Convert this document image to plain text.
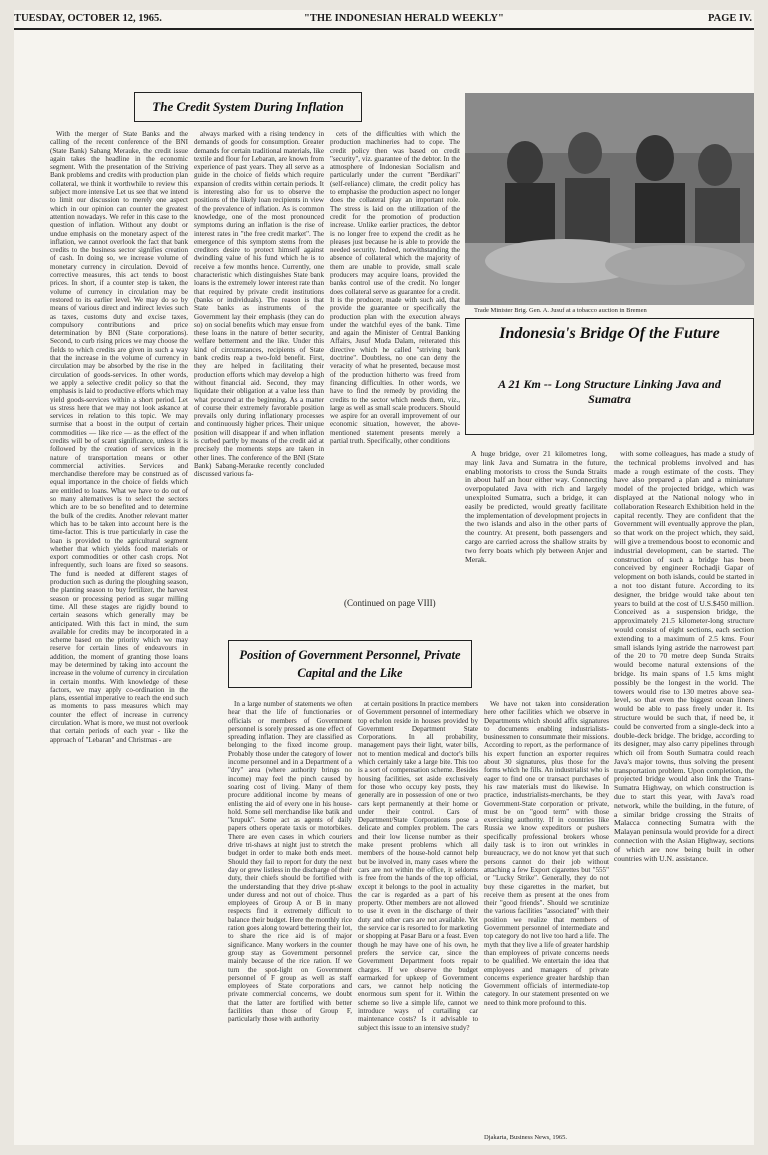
TUESDAY, OCTOBER 12, 1965.	"THE INDONESIAN HERALD WEEKLY"	PAGE IV.
The Credit System During Inflation
With the merger of State Banks and the calling of the recent conference of the BNI (State Bank) Sabang Merauke, the credit issue again takes the headline in the economic segment. With the presentation of the Striving Bank problems and credits with production plan collateral, we think it worthwhile to review this subject more intensive Let us see that we intend to limit our discussion to merely one aspect which in our opinion can counter the greatest attention nowadays. We refer in this case to the question of inflation. Without any doubt or undue emphasis on the monetary aspect of the inflation, we cannot overlook the fact that bank credits to the business sector signifies creation of cash. In doing so, we increase volume of monetary currency in circulation. Devoid of corrective measures, this act tends to boost prices. In short, if a counter step is taken, the volume of currency in circulation may be restored to its earlier level. We may do so by means of various direct and indirect levies such as taxes, customs duty and excise taxes, compulsory contributions and price determination by BNI (State corporations). Second, to curb rising prices we may choose the fields to which credits are given in such a way that the increase in the volume of currency in circulation may be absorbed by the rise in the circulation of goods-services. In other words, we apply a selective credit policy so that the emphasis is laid to productive efforts which may yield goods-services within a short period. Let us stress here that we may not look askance at services in relation to this topic. We may surmise that a boost in the output of certain commodities — like rice — as the effect of the credits will be of scant significance, unless it is followed by the creation of services in the nature of transportation means or other commercial activities. Services and merchandise therefore may be construed as of equal importance in the choice of fields which are entitled to loans. What we have to do out of so many alternatives is to select the sectors which are to be so benefited and to determine the bulk of the credits. Another relevant matter which has to be taken into account here is the time-factor. This is true particularly in case the loan is provided to the agricultural segment whether that which yields food materials or export commodities or other cash crops. Not infrequently, such loans are fixed so seasons. The fund is needed at different stages of production such as during the ploughing season, the planting season to buy fertilizer, the harvest season or processing period as sugar milling time. All these stages are rigidly bound to certain seasons which generally may be anticipated. With this fact in mind, the sum available for credits may be incorporated in a scheme based on the priority which we may reserve for certain lines of endeavours in addition, the moment of granting those loans may be determined by taking into account the increase in the volume of currency in circulation in certain months. With knowledge of these factors, we may apply co-ordination in the plans, essential imperative to reach the end such as moments to pass measures which may counter the effect of increase in currency circulation. What is more, we must not overlook that certain periods of each year - like the approach of "Lebaran" and Christmas - are
always marked with a rising tendency in demands of goods for consumption. Greater demands for certain traditional materials, like textile and flour for Lebaran, are known from experience of past years. They all serve as a guide in the choice of fields which require expansion of credits within certain periods. It is interesting also for us to observe the positions of the likely loan recipients in view of the prevalence of inflation. As is common knowledge, one of the most pronounced symptoms during an inflation is the rise of interest rates in "the free credit market". The emergence of this symptom stems from the creditors desire to protect himself against dwindling value of his fund which he is to receive a few months hence. Currently, one characteristic which distinguishes State bank loans is the extremely lower interest rate than that required by private credit institutions (banks or individuals). The reason is that State banks as instruments of the Government lay their emphasis (they can do so) on social benefits which may ensue from these loans in the nature of better security, welfare betterment and the like. Under this kind of circumstances, recipients of State bank credits reap a two-fold benefit. First, they are helped in facilitating their production efforts which may develop a high without financial aid. Second, they may liquidate their obligation at a value less than what procured at the beginning. As a matter of course their extremely favorable position prevails only during inflationary processes and continuously higher prices. Their unique position will disappear if and when inflation is curbed partly by means of the credit aid at precisely the moments steps are taken in other lines. The conference of the BNI (State Bank) Sabang-Merauke recently concluded discussed various fa-
cets of the difficulties with which the production machineries had to cope. The credit policy then was based on credit "security", viz. guarantee of the debtor. In the atmosphere of Indonesian Socialism and particularly under the current "Berdikari" (self-reliance) climate, the credit policy has to emphasise the production aspect no longer does the collateral play an important role. The stress is laid on the utilization of the credit for the promotion of production increase. Unlike earlier practices, the debtor is no longer free to expend the credit as he pleases just because he is able to provide the needed security. Indeed, notwithstanding the absence of collateral which the majority of them are unable to provide, small scale producers may acquire loans, provided the banks control use of the credit. No longer does collateral serve as guarantee for a credit. It is the producer, made with such aid, that provide the guarantee or specifically the production plan with the execution always under the watchful eyes of the bank. Time and again the Minister of Central Banking Affairs, Jusuf Muda Dalam, reiterated this directive which he called "striving bank doctrine". Doubtless, no one can deny the veracity of what he presented, because most of the production hitherto was freed from financing difficulties. In other words, we have to find the remedy by providing the credits to the sector which needs them, viz., large as well as small scale producers. Should we aspire for an overall improvement of our economic situation, however, the above-mentioned statement presents merely a partial truth. Specifically, other conditions
(Continued on page VIII)
Trade Minister Brig. Gen. A. Jusuf at a tobacco auction in Bremen
Indonesia's Bridge Of the Future
A 21 Km -- Long Structure Linking Java and Sumatra
A huge bridge, over 21 kilometres long, may link Java and Sumatra in the future, enabling motorists to cross the Sunda Straits in about half an hour either way. Connecting overpopulated Java with rich and largely unexploited Sumatra, such a bridge, it can easily be predicted, would greatly facilitate the implementation of development projects in the two islands and also in the other parts of the country. At present, both passengers and cargo are carried across the shallow straits by two ferry boats which ply between Anjer and Merak.
with some colleagues, has made a study of the technical problems involved and has made a rough estimate of the costs. They have also prepared a plan and a miniature model of the projected bridge, which was displayed at the National nology who in collaboration Research Exhibition held in the capital recently. They are confident that the Government will eventually approve the plan, so that work on the project which, they said, will give a tremendous boost to economic and industrial development, can be started. The construction of such a bridge has been conceived by engineer Rochadji Gapar of velopment on both islands, could be started in a not too distant future. According to its designer, the bridge would take about ten years to build at the cost of U.S.$450 million. Conceived as a suspension bridge, the approximately 21.5 kilometer-long structure would consist of eight sections, each section extending to a maximum of 2.5 kms. Four small islands lying astride the narrowest part of the 20 to 70 metre deep Sunda Straits would become natural extensions of the bridge. Its main spans of 1.5 kms might possibly be the longest in the world. The towers would rise to 130 metres above sea-level, so that even the biggest ocean liners would be able to pass freely under it. Its structure would be such that, if need be, it could be converted from a single-deck into a double-deck bridge. The bridge, according to its designer, may also carry pipelines through which oil from South Sumatra could reach Java's major towns, thus solving the present transportation problem. Upon completion, the projected bridge would also link the Trans-Sumatra Highway, on which construction is due to start this year, with Java's road network, while the building, in the future, of a similar bridge crossing the Straits of Malacca connecting Sumatra with the Malayan peninsula would provide for a direct connection with the Asian Highway, sections of which are now being built in other countries with U.N. assistance.
Position of Government Personnel, Private Capital and the Like
In a large number of statements we often hear that the life of functionaries or officials or members of Government personnel is sorely pressed as one effect of spreading inflation. They are classified as belonging to the fixed income group. Probably those under the category of lower income personnel and in a Department of a "dry" area (where authority brings no income) may feel the pinch caused by soaring cost of living. Many of them procure additional income by means of enlisting the aid of every one in his house-hold. Some sell merchandise like batik and "krupuk". Some act as agents of daily papers others operate taxis or motorbikes. There are even cases in which couriers drive tri-shaws at night just to stretch the budget in order to make both ends meet. Should they fail to report for duty the next day or grew listless in the discharge of their duty, their chiefs should be fortified with the understanding that they drive pt-shaw under duress and not out of choice. Thus employees of Group A or B in many respects find it extremely difficult to balance their budget. Here the monthly rice ration goes along toward bettering their lot, to share the rice aid is of major significance. Many workers in the counter group stay as Government personnel mainly because of the rice ration. If we turn the spot-light on Government personnel of F group as well as staff employees of State corporations and private commercial concerns, we doubt that the latter are fortified with better facilities than those of Group F, particularly those with authority
at certain positions In practice members of Government personnel of intermediary top echelon reside in houses provided by Government Department State Corporations. In all probability, management pays their light, water bills, not to mention medical and doctor's bills which certainly take a large bite. This too is a sort of compensation scheme. Besides housing facilities, set aside exclusively for those who occupy key posts, they generally are in possession of one or two cars kept permanently at their home or under their control. Cars of Department/State Corporations pose a delicate and complex problem. The cars and their low license number as their make present problems which all members of the house-hold cannot help but be involved in, many cases where the cars are not within the office, it seldoms is free from the hands of the top official, except it belongs to the pool in actuality the car is regarded as a part of his property. Other members are not allowed to use it even in the discharge of their duty and other cars are not available. Yet the service car is resorted to for marketing or shopping at Pasar Baru or a feast. Even though he may have one of his own, he prefers the service car, since the Government Department foots repair charges. If we observe the budget earmarked for upkeep of Government cars, we cannot help noticing the enormous sum spent for it. Within the scheme so live a simple life, cannot we introduce ways of curtailing car maintenance costs? Is it advisable to subject this issue to an intensive study?
We have not taken into consideration here other facilities which we observe in Departments which should affix signatures to documents enabling industrialists-businessmen to consummate their missions. According to report, as the performance of his expert function an exporter requires about 30 signatures, plus those for the forms which he fills. An industrialist who is eager to find one or transact purchases of his raw materials must do likewise. In practice, industrialists-merchants, be they Government-State corporation or private, must be on "good term" with those exercising authority. If in countries like Russia we know expeditors or pushers specifically professional brokers whose daily task is to iron out wrinkles in bureaucracy, we do not know yet that such persons cannot do their job without attaching a few Export cigarettes but "555" or "Lucky Strike". Generally, they do not buy these cigarettes in the market, but receive them as present at the ones from their "good friends". Should we scrutinize the various facilities "associated" with their position we realize that members of Government personnel of intermediate and top category do not live too hard a life. The myth that they live a life of greater hardship than employees of private concerns needs to be qualified. We entertain the idea that employees and managers of private concerns experience greater hardship than Government officials of intermediate-top category. In our statement presented on we need to think more profound to this.
Djakarta, Business News, 1965.
